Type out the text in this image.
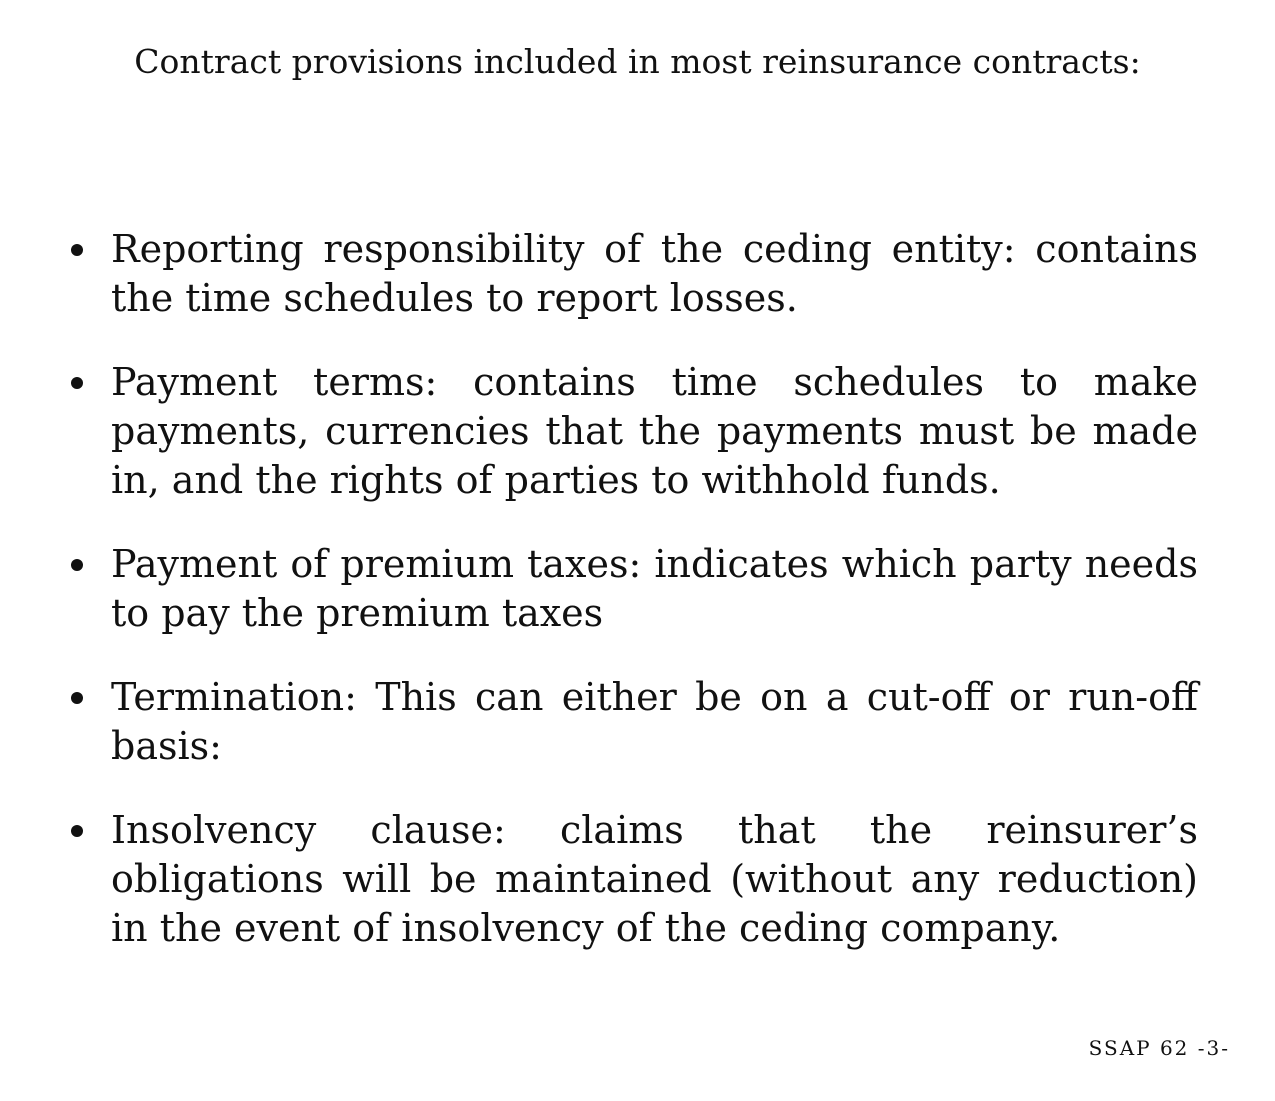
Contract provisions included in most reinsurance contracts:
Reporting responsibility of the ceding entity: contains the time schedules to report losses.
Payment terms: contains time schedules to make payments, currencies that the payments must be made in, and the rights of parties to withhold funds.
Payment of premium taxes: indicates which party needs to pay the premium taxes
Termination: This can either be on a cut-off or run-off basis:
Insolvency clause: claims that the reinsurer’s obligations will be maintained (without any reduction) in the event of insolvency of the ceding company.
SSAP 62 -3-
